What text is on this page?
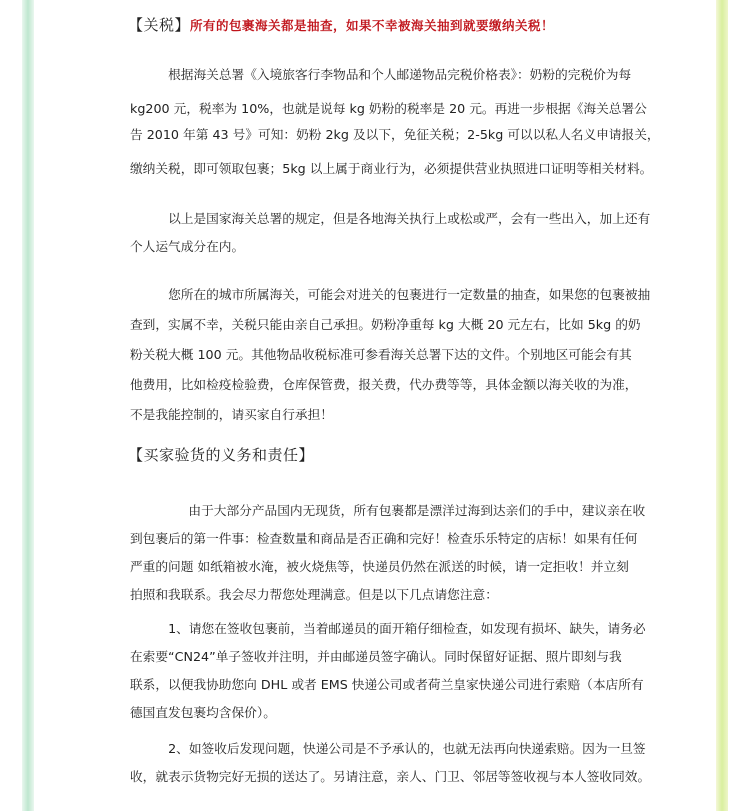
【关税】所有的包裹海关都是抽查，如果不幸被海关抽到就要缴纳关税！
根据海关总署《入境旅客行李物品和个人邮递物品完税价格表》：奶粉的完税价为每
kg200 元，税率为 10%，也就是说每 kg 奶粉的税率是 20 元。再进一步根据《海关总署公
告 2010 年第 43 号》可知：奶粉 2kg 及以下，免征关税；2-5kg 可以以私人名义申请报关，
缴纳关税，即可领取包裹；5kg 以上属于商业行为，必须提供营业执照进口证明等相关材料。
以上是国家海关总署的规定，但是各地海关执行上或松或严，会有一些出入，加上还有
个人运气成分在内。
您所在的城市所属海关，可能会对进关的包裹进行一定数量的抽查，如果您的包裹被抽
查到，实属不幸，关税只能由亲自己承担。奶粉净重每 kg 大概 20 元左右，比如 5kg 的奶
粉关税大概 100 元。其他物品收税标准可参看海关总署下达的文件。个别地区可能会有其
他费用，比如检疫检验费，仓库保管费，报关费，代办费等等，具体金额以海关收的为准，
不是我能控制的，请买家自行承担！
【买家验货的义务和责任】
由于大部分产品国内无现货，所有包裹都是漂洋过海到达亲们的手中，建议亲在收
到包裹后的第一件事：检查数量和商品是否正确和完好！检查乐乐特定的店标！如果有任何
严重的问题 如纸箱被水淹，被火烧焦等，快递员仍然在派送的时候，请一定拒收！并立刻
拍照和我联系。我会尽力帮您处理满意。但是以下几点请您注意：
1、请您在签收包裹前，当着邮递员的面开箱仔细检查，如发现有损坏、缺失，请务必
在索要“CN24”单子签收并注明，并由邮递员签字确认。同时保留好证据、照片即刻与我
联系，以便我协助您向 DHL 或者 EMS 快递公司或者荷兰皇家快递公司进行索赔（本店所有
德国直发包裹均含保价）。
2、如签收后发现问题，快递公司是不予承认的，也就无法再向快递索赔。因为一旦签
收，就表示货物完好无损的送达了。另请注意，亲人、门卫、邻居等签收视与本人签收同效。
